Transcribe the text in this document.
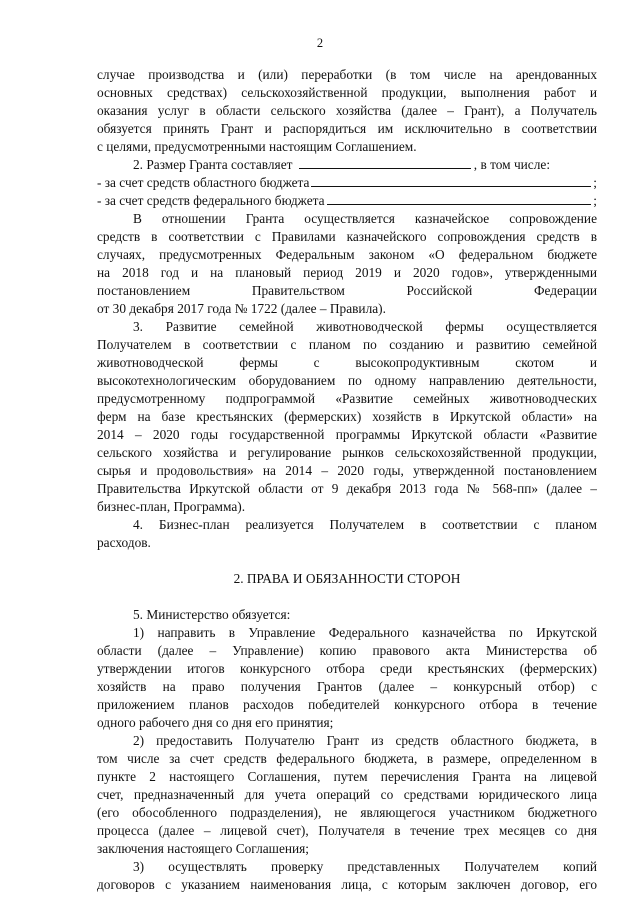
2
случае производства и (или) переработки (в том числе на арендованных
основных средствах) сельскохозяйственной продукции, выполнения работ и
оказания услуг в области сельского хозяйства (далее – Грант), а Получатель
обязуется принять Грант и распорядиться им исключительно в соответствии
с целями, предусмотренными настоящим Соглашением.
2. Размер Гранта составляет	, в том числе:
- за счет средств областного бюджета	;
- за счет средств федерального бюджета	;
В отношении Гранта осуществляется казначейское сопровождение
средств в соответствии с Правилами казначейского сопровождения средств в
случаях, предусмотренных Федеральным законом «О федеральном бюджете
на 2018 год и на плановый период 2019 и 2020 годов», утвержденными
постановлением Правительством Российской Федерации
от 30 декабря 2017 года № 1722 (далее – Правила).
3. Развитие семейной животноводческой фермы осуществляется
Получателем в соответствии с планом по созданию и развитию семейной
животноводческой фермы с высокопродуктивным скотом и
высокотехнологическим оборудованием по одному направлению деятельности,
предусмотренному подпрограммой «Развитие семейных животноводческих
ферм на базе крестьянских (фермерских) хозяйств в Иркутской области» на
2014 – 2020 годы государственной программы Иркутской области «Развитие
сельского хозяйства и регулирование рынков сельскохозяйственной продукции,
сырья и продовольствия» на 2014 – 2020 годы, утвержденной постановлением
Правительства Иркутской области от 9 декабря 2013 года № 568-пп» (далее –
бизнес-план, Программа).
4. Бизнес-план реализуется Получателем в соответствии с планом
расходов.
2. ПРАВА И ОБЯЗАННОСТИ СТОРОН
5. Министерство обязуется:
1) направить в Управление Федерального казначейства по Иркутской
области (далее – Управление) копию правового акта Министерства об
утверждении итогов конкурсного отбора среди крестьянских (фермерских)
хозяйств на право получения Грантов (далее – конкурсный отбор) с
приложением планов расходов победителей конкурсного отбора в течение
одного рабочего дня со дня его принятия;
2) предоставить Получателю Грант из средств областного бюджета, в
том числе за счет средств федерального бюджета, в размере, определенном в
пункте 2 настоящего Соглашения, путем перечисления Гранта на лицевой
счет, предназначенный для учета операций со средствами юридического лица
(его обособленного подразделения), не являющегося участником бюджетного
процесса (далее – лицевой счет), Получателя в течение трех месяцев со дня
заключения настоящего Соглашения;
3) осуществлять проверку представленных Получателем копий
договоров с указанием наименования лица, с которым заключен договор, его
